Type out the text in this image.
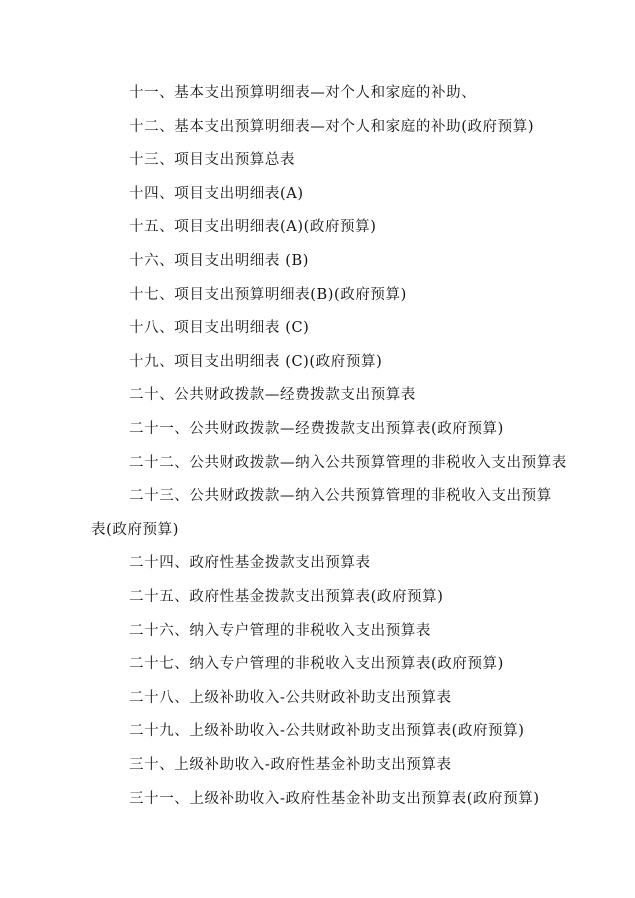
十一、基本支出预算明细表—对个人和家庭的补助、
十二、基本支出预算明细表—对个人和家庭的补助(政府预算)
十三、项目支出预算总表
十四、项目支出明细表(A)
十五、项目支出明细表(A)(政府预算)
十六、项目支出明细表 (B)
十七、项目支出预算明细表(B)(政府预算)
十八、项目支出明细表 (C)
十九、项目支出明细表 (C)(政府预算)
二十、公共财政拨款—经费拨款支出预算表
二十一、公共财政拨款—经费拨款支出预算表(政府预算)
二十二、公共财政拨款—纳入公共预算管理的非税收入支出预算表
二十三、公共财政拨款—纳入公共预算管理的非税收入支出预算
表(政府预算)
二十四、政府性基金拨款支出预算表
二十五、政府性基金拨款支出预算表(政府预算)
二十六、纳入专户管理的非税收入支出预算表
二十七、纳入专户管理的非税收入支出预算表(政府预算)
二十八、上级补助收入-公共财政补助支出预算表
二十九、上级补助收入-公共财政补助支出预算表(政府预算)
三十、上级补助收入-政府性基金补助支出预算表
三十一、上级补助收入-政府性基金补助支出预算表(政府预算)
